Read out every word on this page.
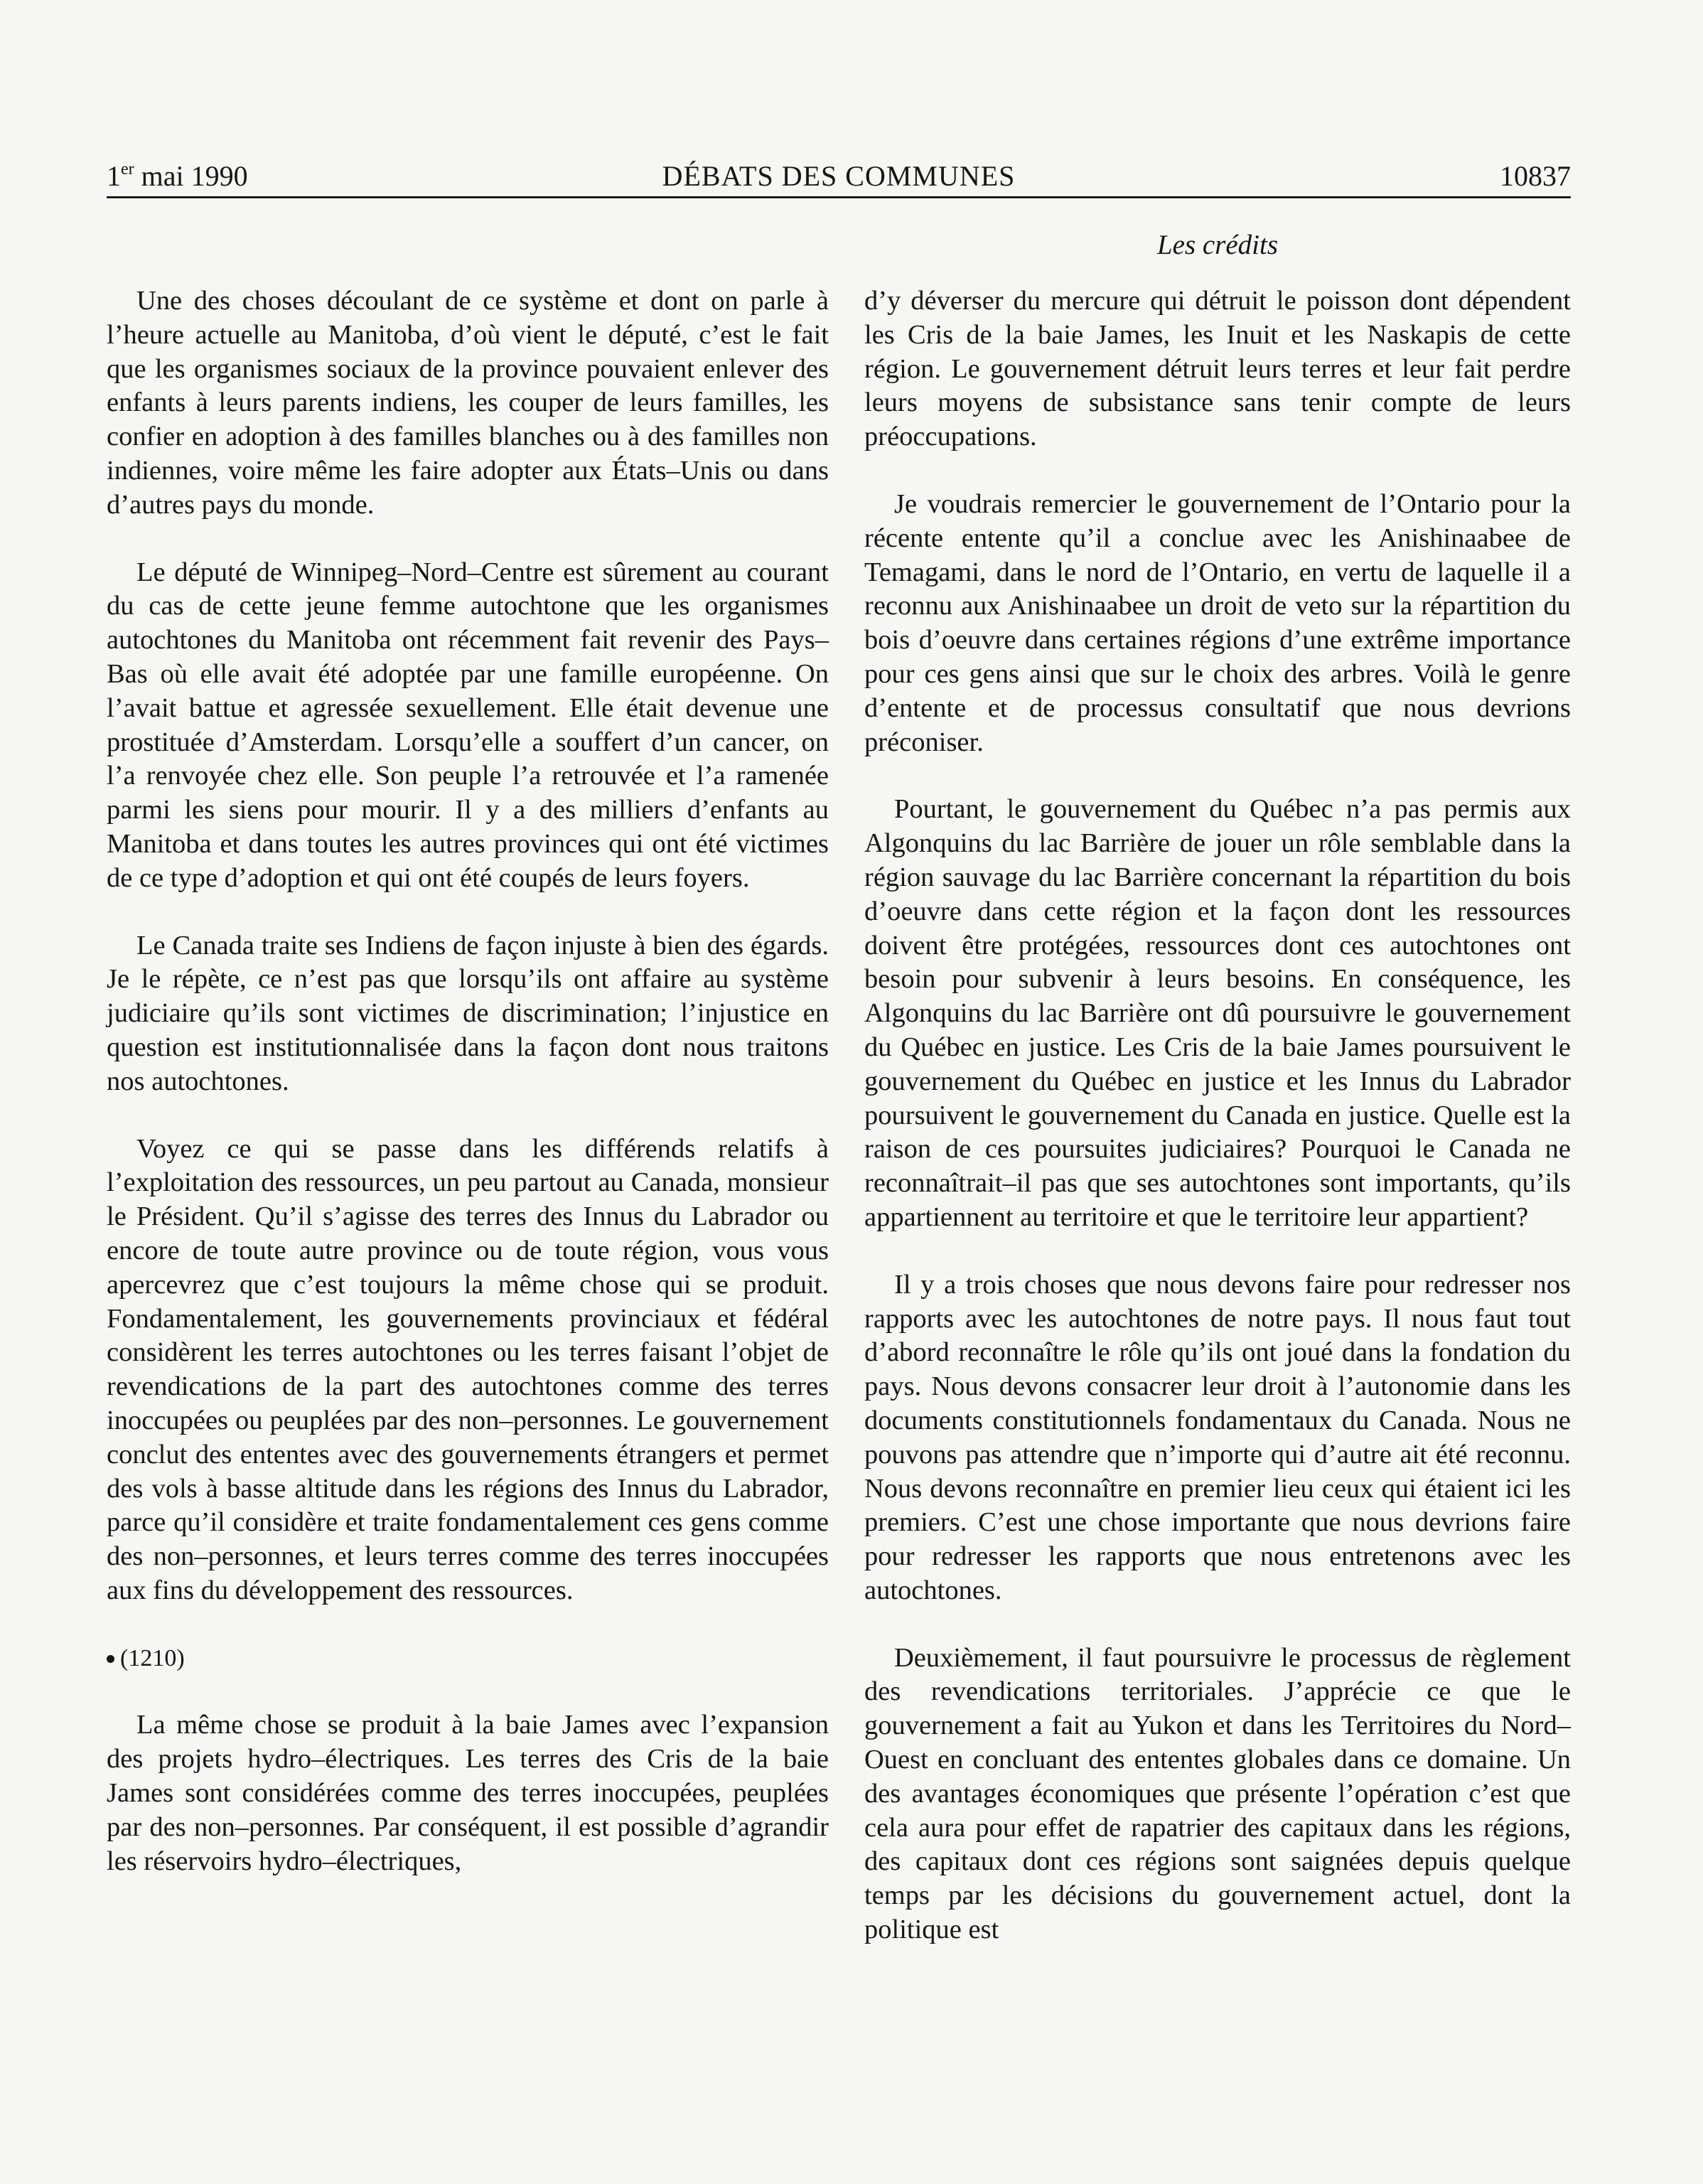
1er mai 1990	DÉBATS DES COMMUNES	10837
Les crédits

Une des choses découlant de ce système et dont on parle à l’heure actuelle au Manitoba, d’où vient le député, c’est le fait que les organismes sociaux de la province pouvaient enlever des enfants à leurs parents indiens, les couper de leurs familles, les confier en adoption à des familles blanches ou à des familles non indiennes, voire même les faire adopter aux États–Unis ou dans d’autres pays du monde.

Le député de Winnipeg–Nord–Centre est sûrement au courant du cas de cette jeune femme autochtone que les organismes autochtones du Manitoba ont récemment fait revenir des Pays–Bas où elle avait été adoptée par une famille européenne. On l’avait battue et agressée sexuellement. Elle était devenue une prostituée d’Amsterdam. Lorsqu’elle a souffert d’un cancer, on l’a renvoyée chez elle. Son peuple l’a retrouvée et l’a ramenée parmi les siens pour mourir. Il y a des milliers d’enfants au Manitoba et dans toutes les autres provinces qui ont été victimes de ce type d’adoption et qui ont été coupés de leurs foyers.

Le Canada traite ses Indiens de façon injuste à bien des égards. Je le répète, ce n’est pas que lorsqu’ils ont affaire au système judiciaire qu’ils sont victimes de discrimination; l’injustice en question est institutionnalisée dans la façon dont nous traitons nos autochtones.

Voyez ce qui se passe dans les différends relatifs à l’exploitation des ressources, un peu partout au Canada, monsieur le Président. Qu’il s’agisse des terres des Innus du Labrador ou encore de toute autre province ou de toute région, vous vous apercevrez que c’est toujours la même chose qui se produit. Fondamentalement, les gouvernements provinciaux et fédéral considèrent les terres autochtones ou les terres faisant l’objet de revendications de la part des autochtones comme des terres inoccupées ou peuplées par des non–personnes. Le gouvernement conclut des ententes avec des gouvernements étrangers et permet des vols à basse altitude dans les régions des Innus du Labrador, parce qu’il considère et traite fondamentalement ces gens comme des non–personnes, et leurs terres comme des terres inoccupées aux fins du développement des ressources.

(1210)

La même chose se produit à la baie James avec l’expansion des projets hydro–électriques. Les terres des Cris de la baie James sont considérées comme des terres inoccupées, peuplées par des non–personnes. Par conséquent, il est possible d’agrandir les réservoirs hydro–électriques,

d’y déverser du mercure qui détruit le poisson dont dépendent les Cris de la baie James, les Inuit et les Naskapis de cette région. Le gouvernement détruit leurs terres et leur fait perdre leurs moyens de subsistance sans tenir compte de leurs préoccupations.

Je voudrais remercier le gouvernement de l’Ontario pour la récente entente qu’il a conclue avec les Anishinaabee de Temagami, dans le nord de l’Ontario, en vertu de laquelle il a reconnu aux Anishinaabee un droit de veto sur la répartition du bois d’oeuvre dans certaines régions d’une extrême importance pour ces gens ainsi que sur le choix des arbres. Voilà le genre d’entente et de processus consultatif que nous devrions préconiser.

Pourtant, le gouvernement du Québec n’a pas permis aux Algonquins du lac Barrière de jouer un rôle semblable dans la région sauvage du lac Barrière concernant la répartition du bois d’oeuvre dans cette région et la façon dont les ressources doivent être protégées, ressources dont ces autochtones ont besoin pour subvenir à leurs besoins. En conséquence, les Algonquins du lac Barrière ont dû poursuivre le gouvernement du Québec en justice. Les Cris de la baie James poursuivent le gouvernement du Québec en justice et les Innus du Labrador poursuivent le gouvernement du Canada en justice. Quelle est la raison de ces poursuites judiciaires? Pourquoi le Canada ne reconnaîtrait–il pas que ses autochtones sont importants, qu’ils appartiennent au territoire et que le territoire leur appartient?

Il y a trois choses que nous devons faire pour redresser nos rapports avec les autochtones de notre pays. Il nous faut tout d’abord reconnaître le rôle qu’ils ont joué dans la fondation du pays. Nous devons consacrer leur droit à l’autonomie dans les documents constitutionnels fondamentaux du Canada. Nous ne pouvons pas attendre que n’importe qui d’autre ait été reconnu. Nous devons reconnaître en premier lieu ceux qui étaient ici les premiers. C’est une chose importante que nous devrions faire pour redresser les rapports que nous entretenons avec les autochtones.

Deuxièmement, il faut poursuivre le processus de règlement des revendications territoriales. J’apprécie ce que le gouvernement a fait au Yukon et dans les Territoires du Nord–Ouest en concluant des ententes globales dans ce domaine. Un des avantages économiques que présente l’opération c’est que cela aura pour effet de rapatrier des capitaux dans les régions, des capitaux dont ces régions sont saignées depuis quelque temps par les décisions du gouvernement actuel, dont la politique est
